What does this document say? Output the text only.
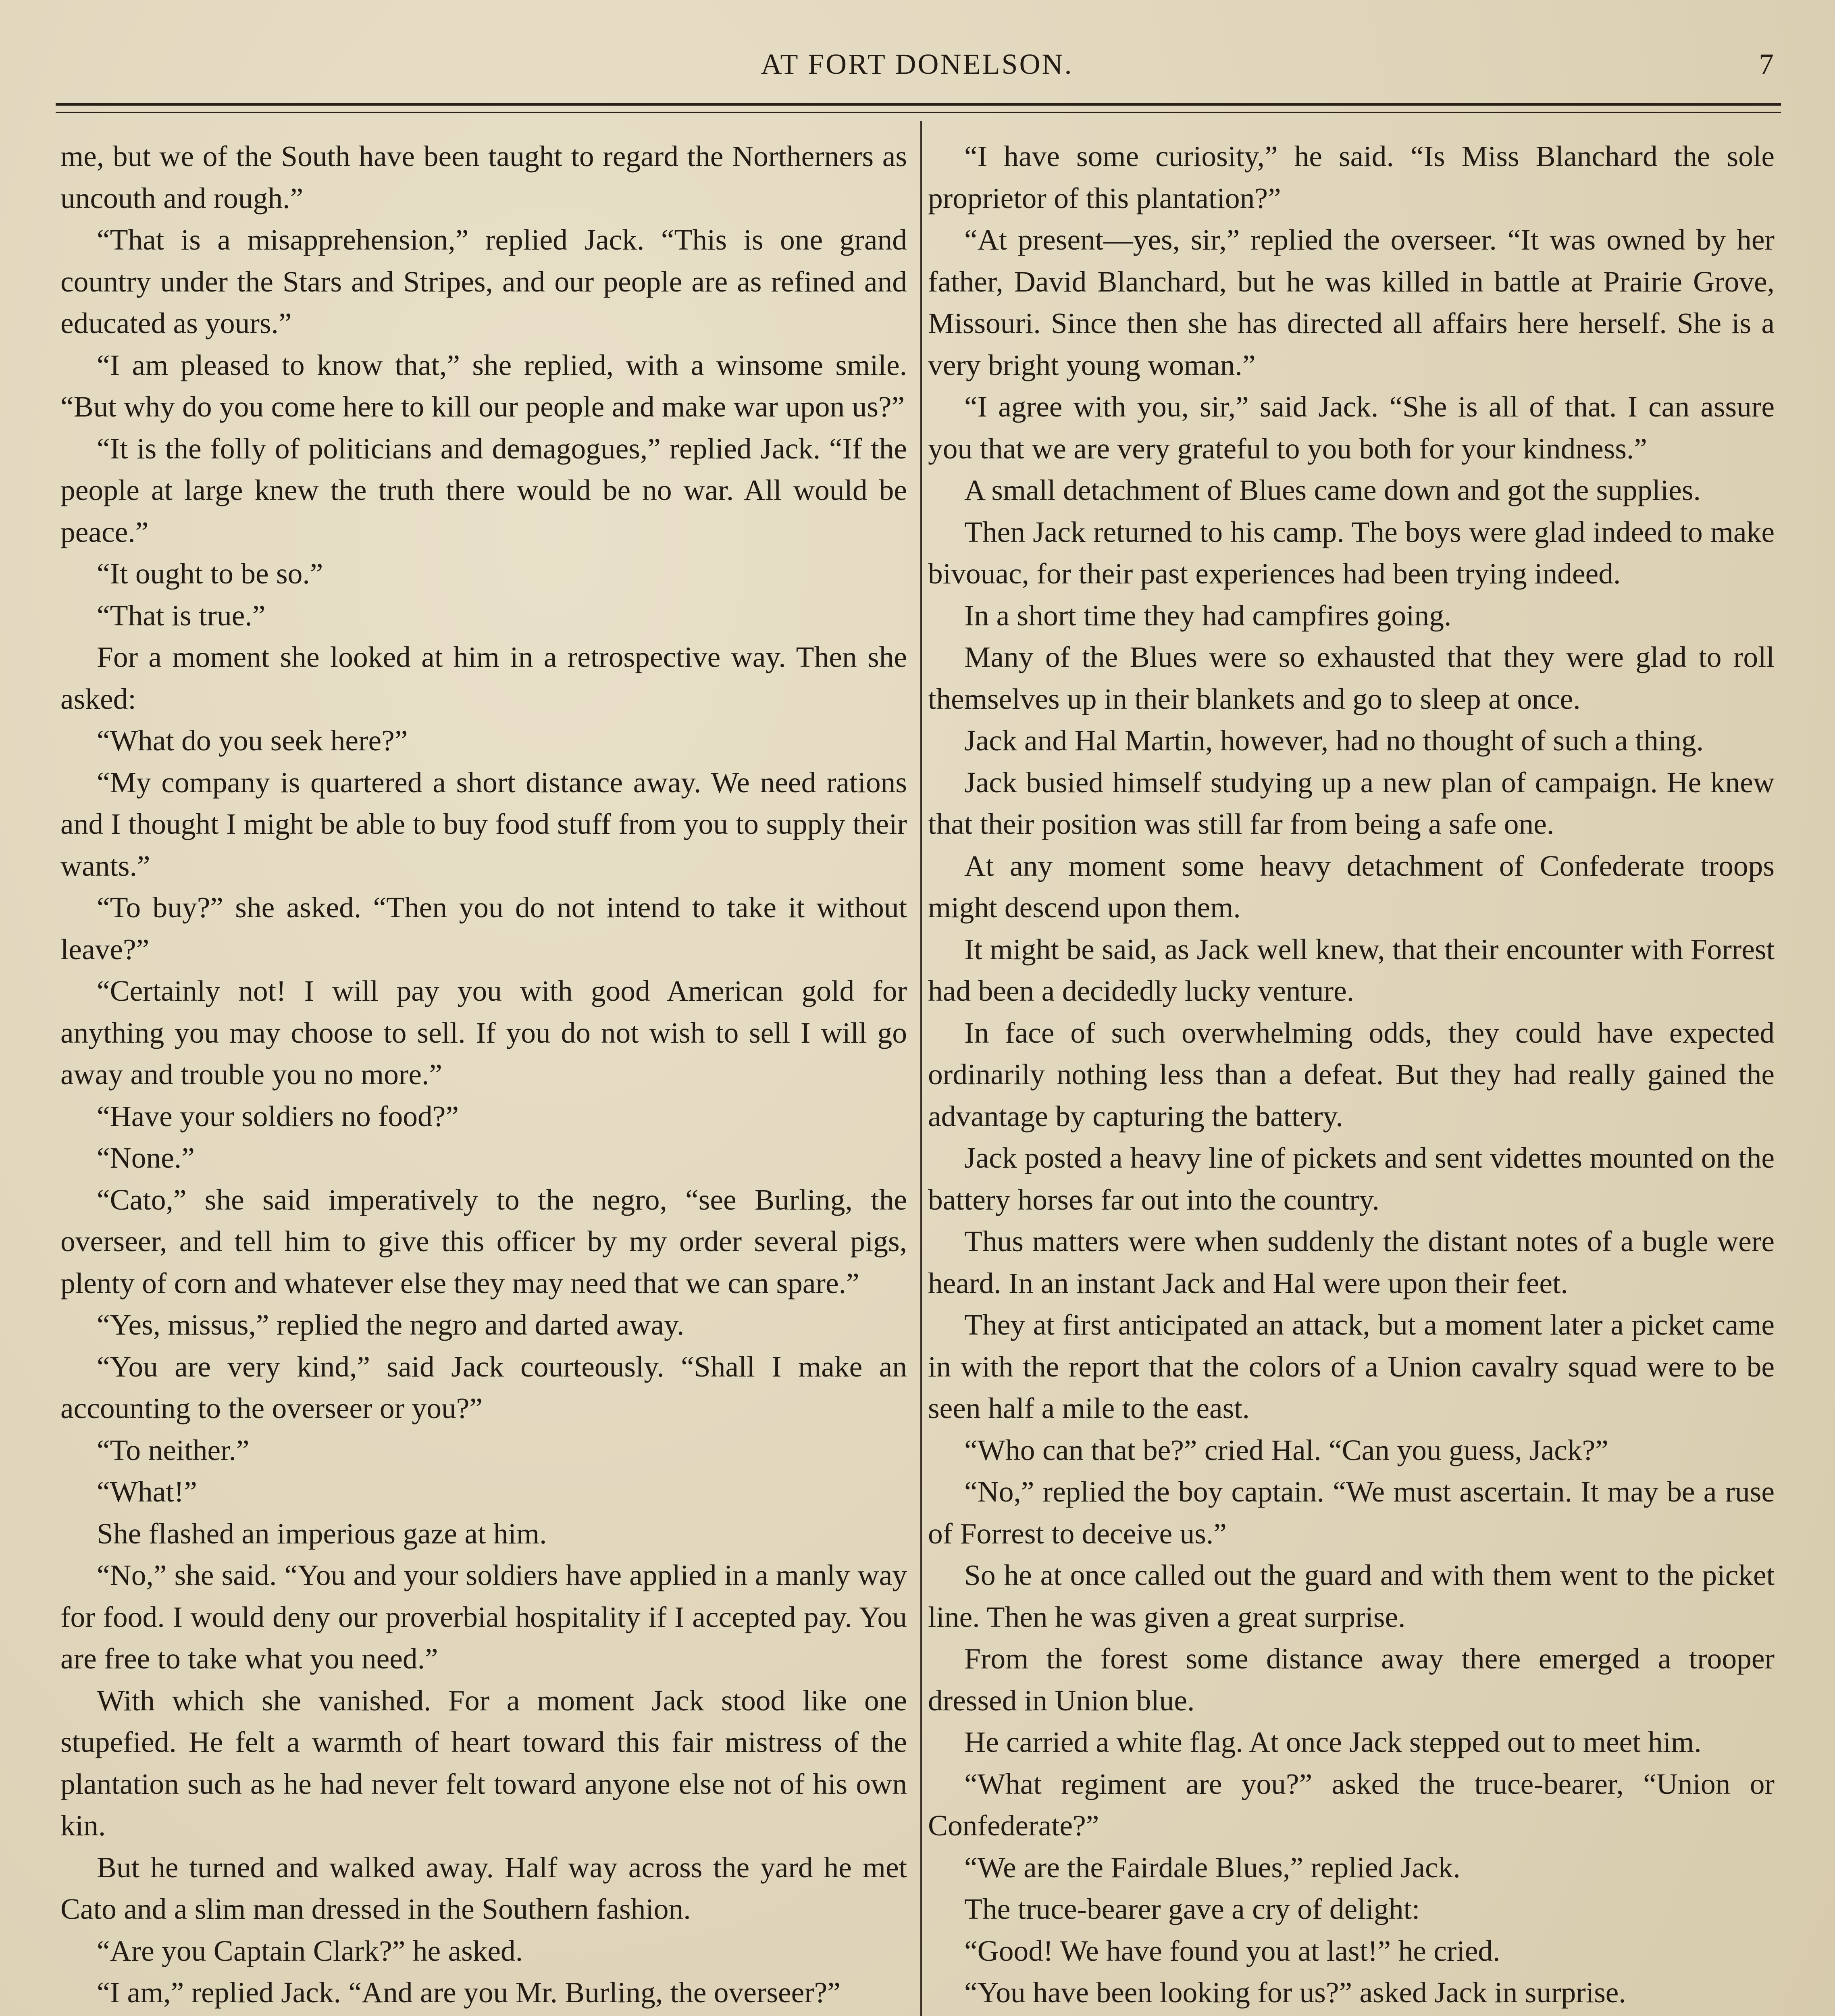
AT FORT DONELSON.	7

me, but we of the South have been taught to regard the Northerners as uncouth and rough.”

“That is a misapprehension,” replied Jack. “This is one grand country under the Stars and Stripes, and our people are as refined and educated as yours.”

“I am pleased to know that,” she replied, with a winsome smile. “But why do you come here to kill our people and make war upon us?”

“It is the folly of politicians and demagogues,” replied Jack. “If the people at large knew the truth there would be no war. All would be peace.”

“It ought to be so.”

“That is true.”

For a moment she looked at him in a retrospective way. Then she asked:

“What do you seek here?”

“My company is quartered a short distance away. We need rations and I thought I might be able to buy food stuff from you to supply their wants.”

“To buy?” she asked. “Then you do not intend to take it without leave?”

“Certainly not! I will pay you with good American gold for anything you may choose to sell. If you do not wish to sell I will go away and trouble you no more.”

“Have your soldiers no food?”

“None.”

“Cato,” she said imperatively to the negro, “see Burling, the overseer, and tell him to give this officer by my order several pigs, plenty of corn and whatever else they may need that we can spare.”

“Yes, missus,” replied the negro and darted away.

“You are very kind,” said Jack courteously. “Shall I make an accounting to the overseer or you?”

“To neither.”

“What!”

She flashed an imperious gaze at him.

“No,” she said. “You and your soldiers have applied in a manly way for food. I would deny our proverbial hospitality if I accepted pay. You are free to take what you need.”

With which she vanished. For a moment Jack stood like one stupefied. He felt a warmth of heart toward this fair mistress of the plantation such as he had never felt toward anyone else not of his own kin.

But he turned and walked away. Half way across the yard he met Cato and a slim man dressed in the Southern fashion.

“Are you Captain Clark?” he asked.

“I am,” replied Jack. “And are you Mr. Burling, the overseer?”

“I have some curiosity,” he said. “Is Miss Blanchard the sole proprietor of this plantation?”

“At present—yes, sir,” replied the overseer. “It was owned by her father, David Blanchard, but he was killed in battle at Prairie Grove, Missouri. Since then she has directed all affairs here herself. She is a very bright young woman.”

“I agree with you, sir,” said Jack. “She is all of that. I can assure you that we are very grateful to you both for your kindness.”

A small detachment of Blues came down and got the supplies.

Then Jack returned to his camp. The boys were glad indeed to make bivouac, for their past experiences had been trying indeed.

In a short time they had campfires going.

Many of the Blues were so exhausted that they were glad to roll themselves up in their blankets and go to sleep at once.

Jack and Hal Martin, however, had no thought of such a thing.

Jack busied himself studying up a new plan of campaign. He knew that their position was still far from being a safe one.

At any moment some heavy detachment of Confederate troops might descend upon them.

It might be said, as Jack well knew, that their encounter with Forrest had been a decidedly lucky venture.

In face of such overwhelming odds, they could have expected ordinarily nothing less than a defeat. But they had really gained the advantage by capturing the battery.

Jack posted a heavy line of pickets and sent videttes mounted on the battery horses far out into the country.

Thus matters were when suddenly the distant notes of a bugle were heard. In an instant Jack and Hal were upon their feet.

They at first anticipated an attack, but a moment later a picket came in with the report that the colors of a Union cavalry squad were to be seen half a mile to the east.

“Who can that be?” cried Hal. “Can you guess, Jack?”

“No,” replied the boy captain. “We must ascertain. It may be a ruse of Forrest to deceive us.”

So he at once called out the guard and with them went to the picket line. Then he was given a great surprise.

From the forest some distance away there emerged a trooper dressed in Union blue.

He carried a white flag. At once Jack stepped out to meet him.

“What regiment are you?” asked the truce-bearer, “Union or Confederate?”

“We are the Fairdale Blues,” replied Jack.

The truce-bearer gave a cry of delight:

“Good! We have found you at last!” he cried.

“You have been looking for us?” asked Jack in surprise.
